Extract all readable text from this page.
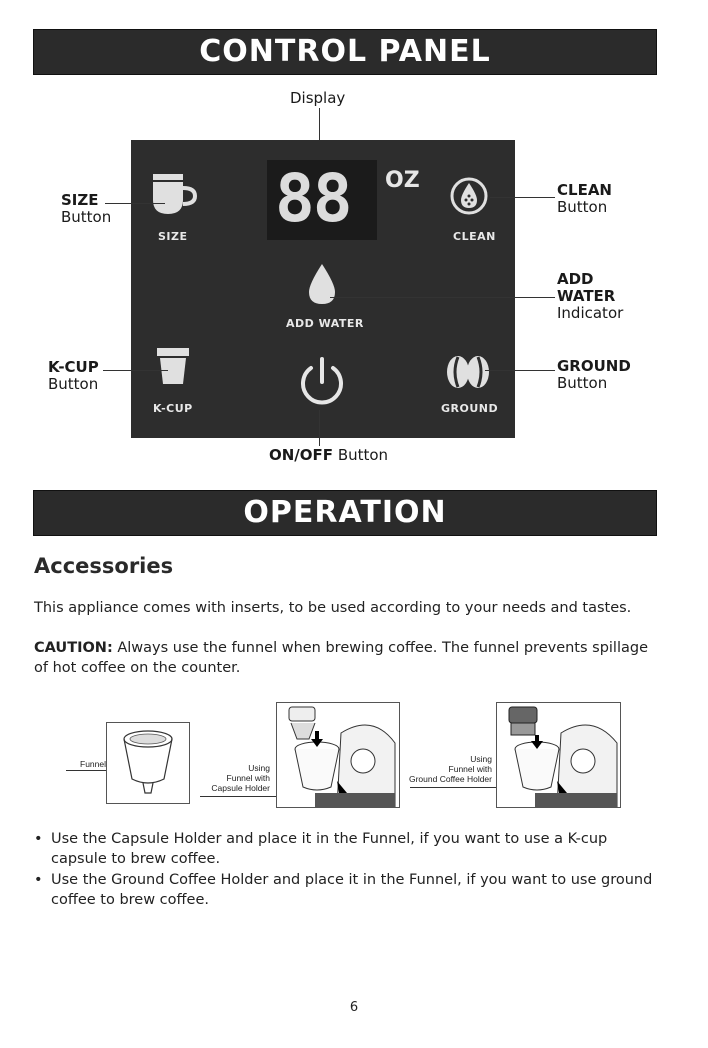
CONTROL PANEL
Display
SIZE 88 OZ
CLEAN
ADD WATER
K-CUP	GROUND
SIZE
Button
K-CUP
Button
CLEAN
Button
ADD
WATER
Indicator
GROUND
Button
ON/OFF Button
OPERATION
Accessories

This appliance comes with inserts, to be used according to your needs and tastes.

CAUTION: Always use the funnel when brewing coffee. The funnel prevents spillage of hot coffee on the counter.

Funnel	Using
Funnel with
Capsule Holder
Using
Funnel with
Ground Coffee Holder
• Use the Capsule Holder and place it in the Funnel, if you want to use a K-cup capsule to brew coffee.
• Use the Ground Coffee Holder and place it in the Funnel, if you want to use ground coffee to brew coffee.
6
